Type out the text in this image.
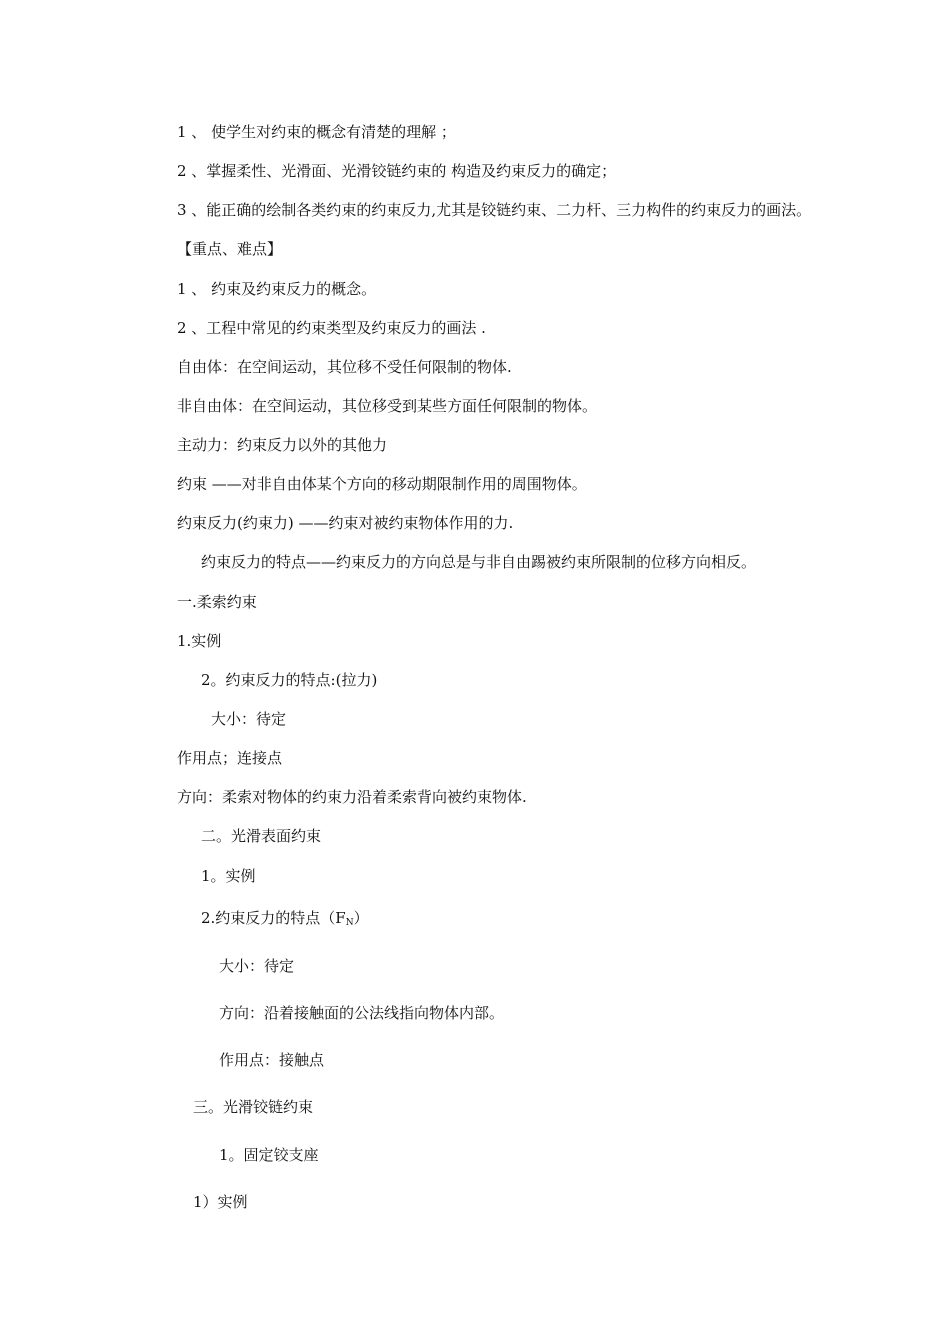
1 、 使学生对约束的概念有清楚的理解 ；
2 、掌握柔性、光滑面、光滑铰链约束的 构造及约束反力的确定；
3 、能正确的绘制各类约束的约束反力,尤其是铰链约束、二力杆、三力构件的约束反力的画法。
【重点、难点】
1 、 约束及约束反力的概念。
2 、工程中常见的约束类型及约束反力的画法 .
自由体：在空间运动，其位移不受任何限制的物体.
非自由体：在空间运动，其位移受到某些方面任何限制的物体。
主动力：约束反力以外的其他力
约束 ——对非自由体某个方向的移动期限制作用的周围物体。
约束反力(约束力) ——约束对被约束物体作用的力.
约束反力的特点——约束反力的方向总是与非自由踢被约束所限制的位移方向相反。
一.柔索约束
1.实例
2。约束反力的特点:(拉力)
大小：待定
作用点；连接点
方向：柔索对物体的约束力沿着柔索背向被约束物体.
二。光滑表面约束
1。实例
2.约束反力的特点$(F_N)$
大小：待定
方向：沿着接触面的公法线指向物体内部。
作用点：接触点
三。光滑铰链约束
1。固定铰支座
1）实例
